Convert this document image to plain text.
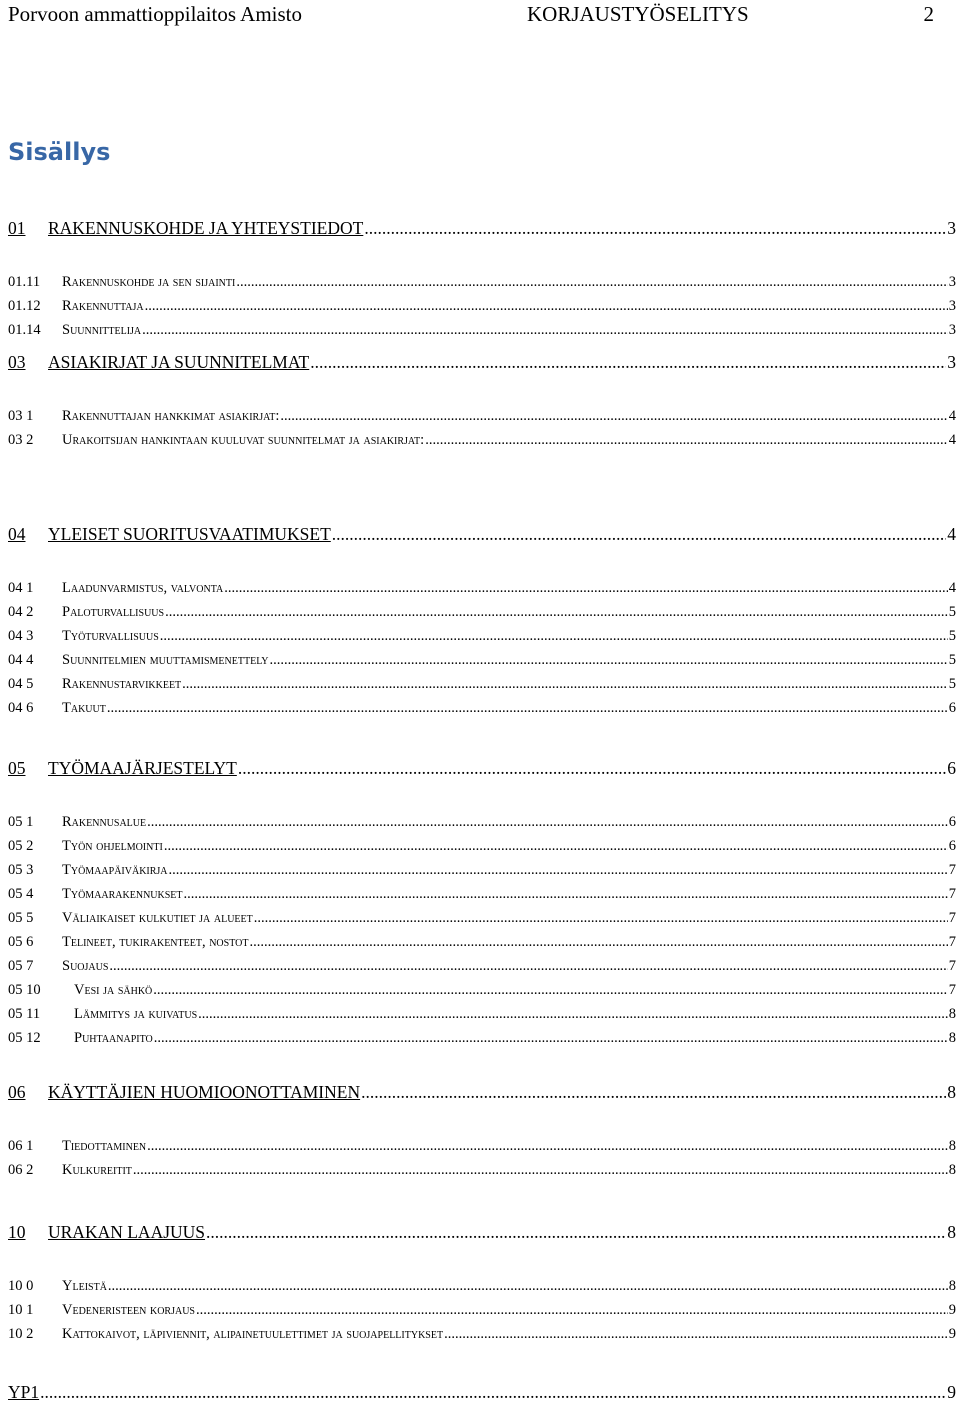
Porvoon ammattioppilaitos Amisto	KORJAUSTYÖSELITYS	2
Sisällys
01	RAKENNUSKOHDE JA YHTEYSTIEDOT .....	3
01.11	Rakennuskohde ja sen sijainti .....	3
01.12	Rakennuttaja .....	3
01.14	Suunnittelija .....	3
03	ASIAKIRJAT JA SUUNNITELMAT .....	3
03 1	Rakennuttajan hankkimat asiakirjat: .....	4
03 2	Urakoitsijan hankintaan kuuluvat suunnitelmat ja asiakirjat: .....	4
04	YLEISET SUORITUSVAATIMUKSET .....	4
04 1	Laadunvarmistus, valvonta .....	4
04 2	Paloturvallisuus .....	5
04 3	Työturvallisuus .....	5
04 4	Suunnitelmien muuttamismenettely .....	5
04 5	Rakennustarvikkeet .....	5
04 6	Takuut .....	6
05	TYÖMAAJÄRJESTELYT .....	6
05 1	Rakennusalue .....	6
05 2	Työn ohjelmointi .....	6
05 3	Työmaapäiväkirja .....	7
05 4	Työmaarakennukset .....	7
05 5	Väliaikaiset kulkutiet ja alueet .....	7
05 6	Telineet, tukirakenteet, nostot .....	7
05 7	Suojaus .....	7
05 10	Vesi ja sähkö .....	7
05 11	Lämmitys ja kuivatus .....	8
05 12	Puhtaanapito .....	8
06	KÄYTTÄJIEN HUOMIOONOTTAMINEN .....	8
06 1	Tiedottaminen .....	8
06 2	Kulkureitit .....	8
10	URAKAN LAAJUUS .....	8
10 0	Yleistä .....	8
10 1	Vedeneristeen korjaus .....	9
10 2	Kattokaivot, läpiviennit, alipainetuulettimet ja suojapellitykset .....	9
YP1 .....	9
